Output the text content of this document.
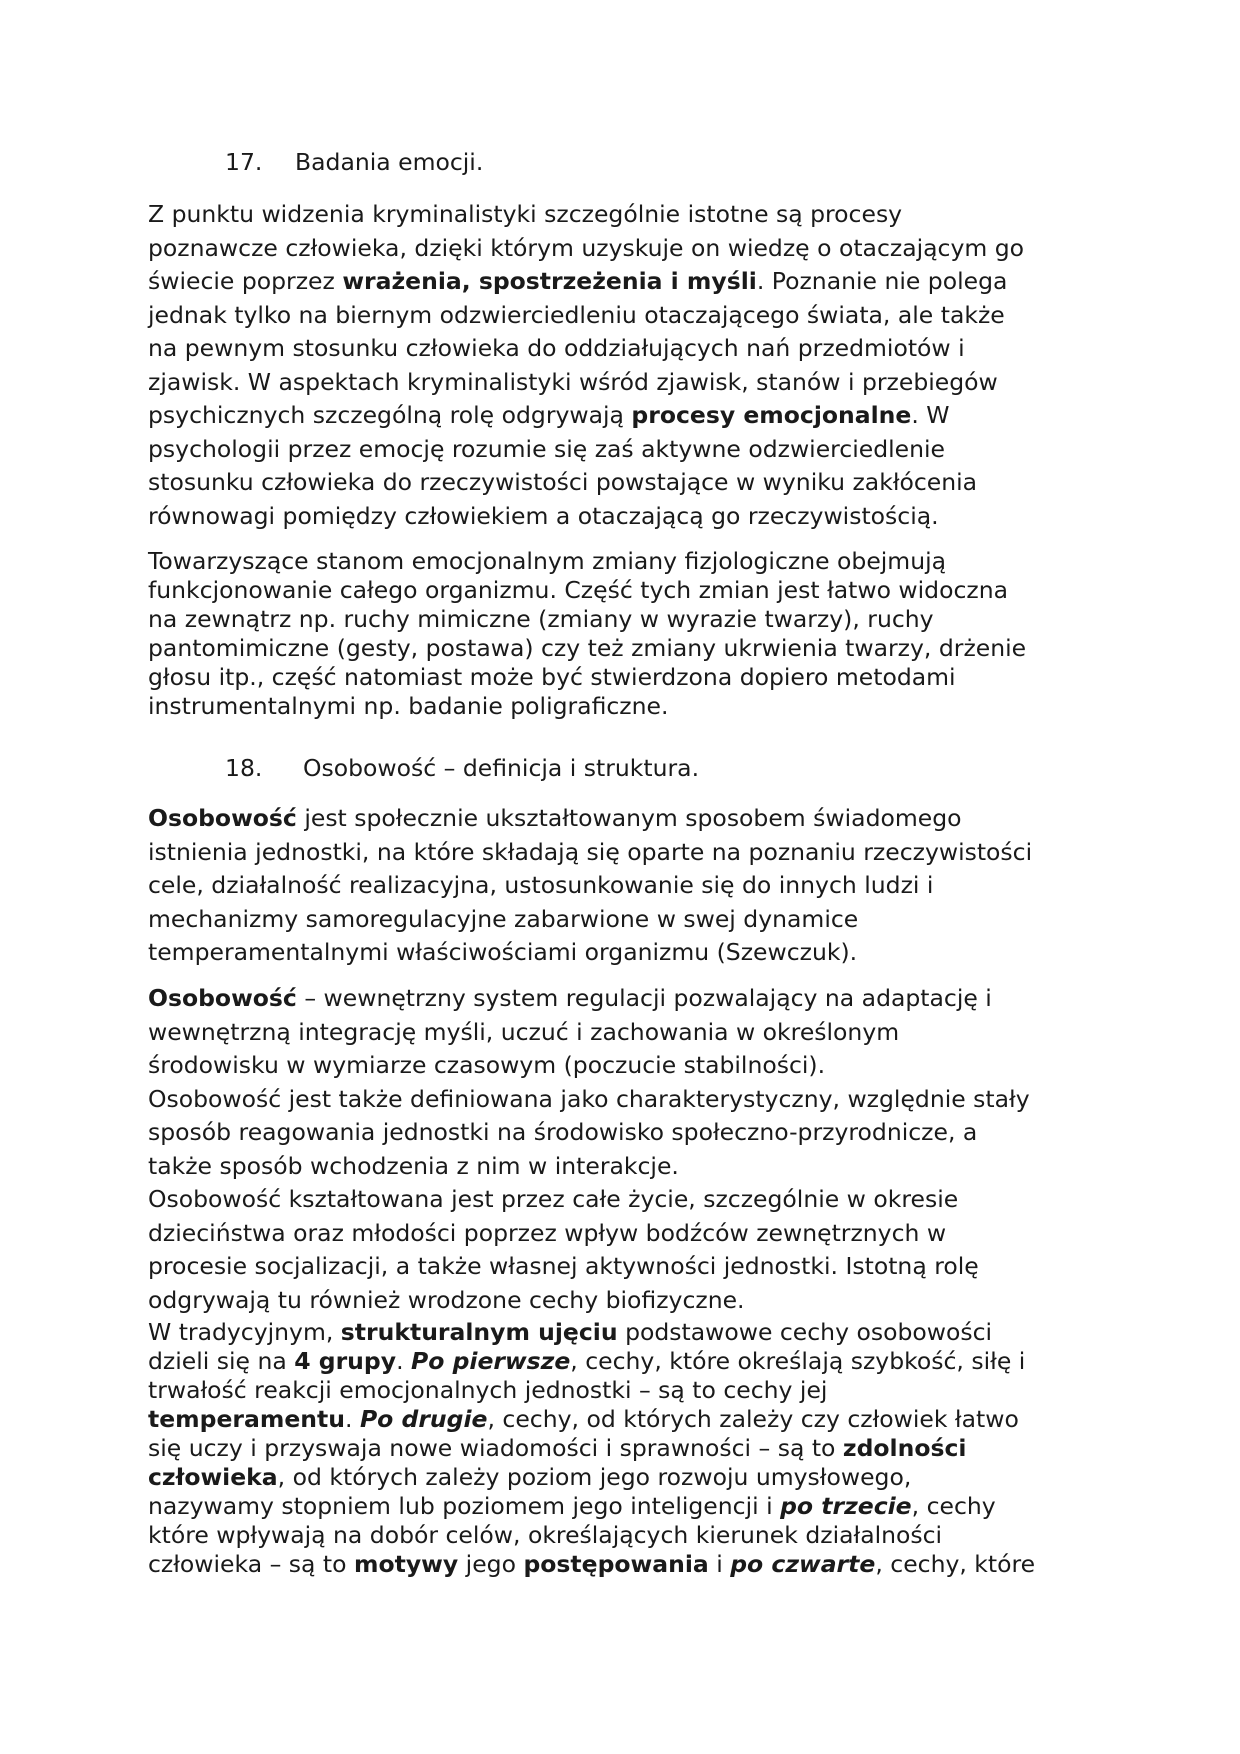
17. Badania emocji.
Z punktu widzenia kryminalistyki szczególnie istotne są procesy
poznawcze człowieka, dzięki którym uzyskuje on wiedzę o otaczającym go
świecie poprzez wrażenia, spostrzeżenia i myśli. Poznanie nie polega
jednak tylko na biernym odzwierciedleniu otaczającego świata, ale także
na pewnym stosunku człowieka do oddziałujących nań przedmiotów i
zjawisk. W aspektach kryminalistyki wśród zjawisk, stanów i przebiegów
psychicznych szczególną rolę odgrywają procesy emocjonalne. W
psychologii przez emocję rozumie się zaś aktywne odzwierciedlenie
stosunku człowieka do rzeczywistości powstające w wyniku zakłócenia
równowagi pomiędzy człowiekiem a otaczającą go rzeczywistością.
Towarzyszące stanom emocjonalnym zmiany fizjologiczne obejmują
funkcjonowanie całego organizmu. Część tych zmian jest łatwo widoczna
na zewnątrz np. ruchy mimiczne (zmiany w wyrazie twarzy), ruchy
pantomimiczne (gesty, postawa) czy też zmiany ukrwienia twarzy, drżenie
głosu itp., część natomiast może być stwierdzona dopiero metodami
instrumentalnymi np. badanie poligraficzne.
18. Osobowość – definicja i struktura.
Osobowość jest społecznie ukształtowanym sposobem świadomego
istnienia jednostki, na które składają się oparte na poznaniu rzeczywistości
cele, działalność realizacyjna, ustosunkowanie się do innych ludzi i
mechanizmy samoregulacyjne zabarwione w swej dynamice
temperamentalnymi właściwościami organizmu (Szewczuk).
Osobowość – wewnętrzny system regulacji pozwalający na adaptację i
wewnętrzną integrację myśli, uczuć i zachowania w określonym
środowisku w wymiarze czasowym (poczucie stabilności).
Osobowość jest także definiowana jako charakterystyczny, względnie stały
sposób reagowania jednostki na środowisko społeczno-przyrodnicze, a
także sposób wchodzenia z nim w interakcje.
Osobowość kształtowana jest przez całe życie, szczególnie w okresie
dzieciństwa oraz młodości poprzez wpływ bodźców zewnętrznych w
procesie socjalizacji, a także własnej aktywności jednostki. Istotną rolę
odgrywają tu również wrodzone cechy biofizyczne.
W tradycyjnym, strukturalnym ujęciu podstawowe cechy osobowości
dzieli się na 4 grupy. Po pierwsze, cechy, które określają szybkość, siłę i
trwałość reakcji emocjonalnych jednostki – są to cechy jej
temperamentu. Po drugie, cechy, od których zależy czy człowiek łatwo
się uczy i przyswaja nowe wiadomości i sprawności – są to zdolności
człowieka, od których zależy poziom jego rozwoju umysłowego,
nazywamy stopniem lub poziomem jego inteligencji i po trzecie, cechy
które wpływają na dobór celów, określających kierunek działalności
człowieka – są to motywy jego postępowania i po czwarte, cechy, które
